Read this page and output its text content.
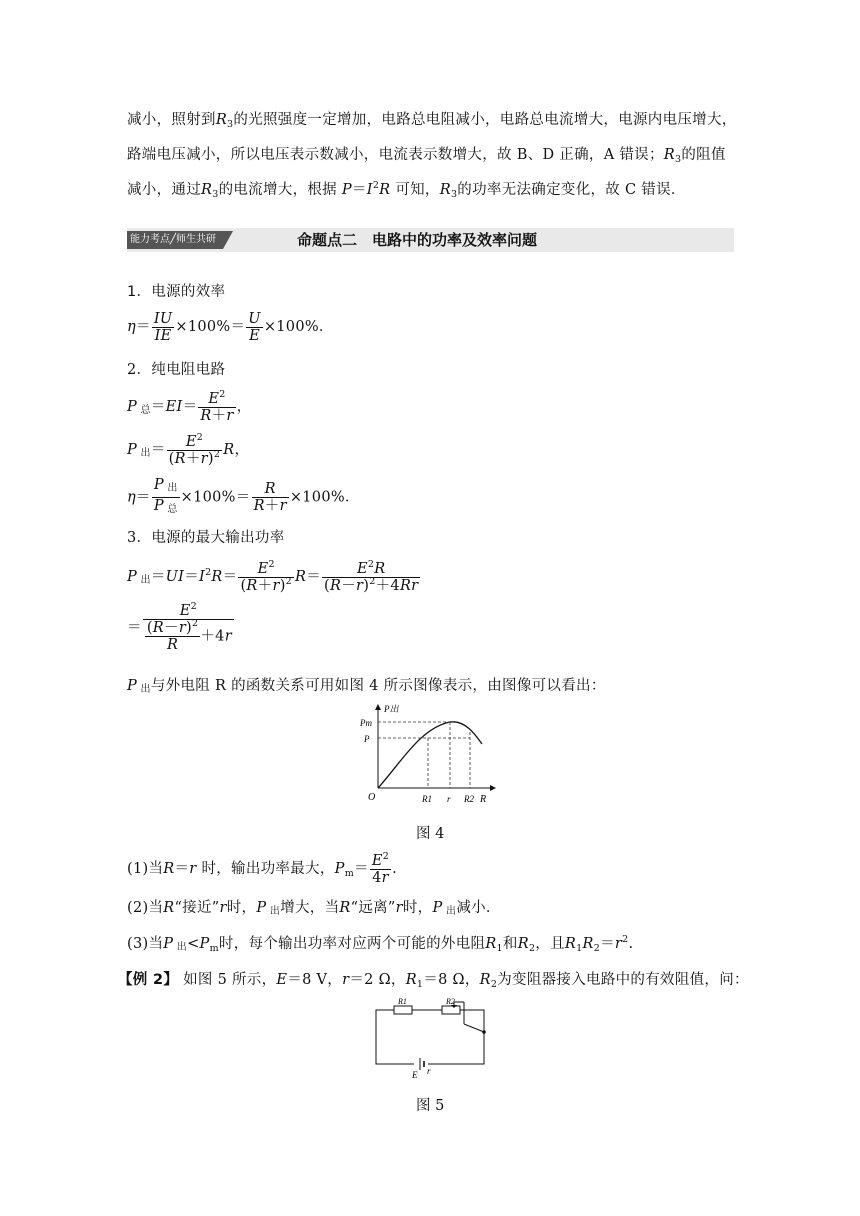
减小，照射到$R_3$的光照强度一定增加，电路总电阻减小，电路总电流增大，电源内电压增大，
路端电压减小，所以电压表示数减小，电流表示数增大，故 B、D 正确，A 错误；$R_3$的阻值
减小，通过$R_3$的电流增大，根据 $P=I^2R$ 可知，$R_3$的功率无法确定变化，故 C 错误．
能力考点╱师生共研	命题点二　电路中的功率及效率问题
1．电源的效率
$\eta= \frac{IU}{IE} \times 100\%= \frac{U}{E} \times 100\%$．
2．纯电阻电路
P 总$=EI= \frac{E^2}{R+r}$ ，
P 出＝ $\frac{E^2}{(R+r)^2}$ R，
$\eta= \frac{\text{P 出}}{\text{P 总}} \times 100\%= \frac{R}{R+r} \times 100\%$．
3．电源的最大输出功率
P 出$=UI=I^2R= \frac{E^2}{(R+r)^2} R= \frac{E^2R}{(R-r)^2+4Rr}$
＝ $\frac{E^2}{\frac{(R-r)^2}{R} +4r}$
P 出与外电阻 R 的函数关系可用如图 4 所示图像表示，由图像可以看出：
P出
Pm
P
O	R1 r R2 R
图 4
(1)当R＝r 时，输出功率最大，$P_m= \frac{E^2}{4r}$ .
(2)当R“接近”r时，P 出增大，当R“远离”r时，P 出减小．
(3)当P 出$<P_m$时，每个输出功率对应两个可能的外电阻$R_1$和$R_2$，且$R_1R_2=r^2$.
【例 2】 如图 5 所示，E＝8 V，r＝2 Ω，$R_1=8$ Ω，$R_2$为变阻器接入电路中的有效阻值，问：
R1	R2
E r
图 5
